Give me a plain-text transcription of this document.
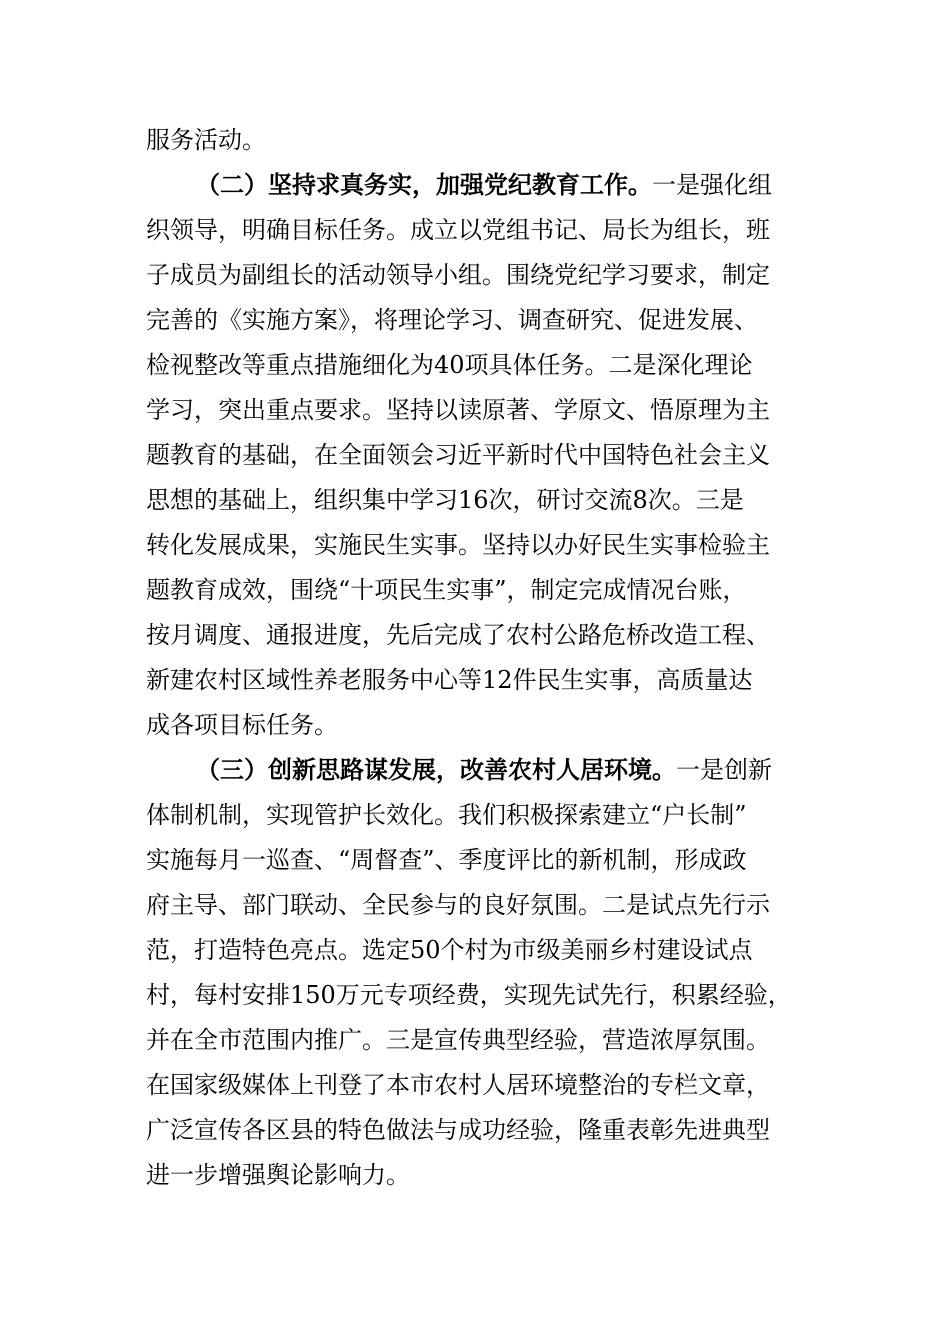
服务活动。
（二）坚持求真务实，加强党纪教育工作。一是强化组
织领导，明确目标任务。成立以党组书记、局长为组长，班
子成员为副组长的活动领导小组。围绕党纪学习要求，制定
完善的《实施方案》，将理论学习、调查研究、促进发展、
检视整改等重点措施细化为40项具体任务。二是深化理论
学习，突出重点要求。坚持以读原著、学原文、悟原理为主
题教育的基础，在全面领会习近平新时代中国特色社会主义
思想的基础上，组织集中学习16次，研讨交流8次。三是
转化发展成果，实施民生实事。坚持以办好民生实事检验主
题教育成效，围绕“十项民生实事”，制定完成情况台账，
按月调度、通报进度，先后完成了农村公路危桥改造工程、
新建农村区域性养老服务中心等12件民生实事，高质量达
成各项目标任务。
（三）创新思路谋发展，改善农村人居环境。一是创新
体制机制，实现管护长效化。我们积极探索建立“户长制”
实施每月一巡查、“周督查”、季度评比的新机制，形成政
府主导、部门联动、全民参与的良好氛围。二是试点先行示
范，打造特色亮点。选定50个村为市级美丽乡村建设试点
村，每村安排150万元专项经费，实现先试先行，积累经验，
并在全市范围内推广。三是宣传典型经验，营造浓厚氛围。
在国家级媒体上刊登了本市农村人居环境整治的专栏文章，
广泛宣传各区县的特色做法与成功经验，隆重表彰先进典型
进一步增强舆论影响力。
